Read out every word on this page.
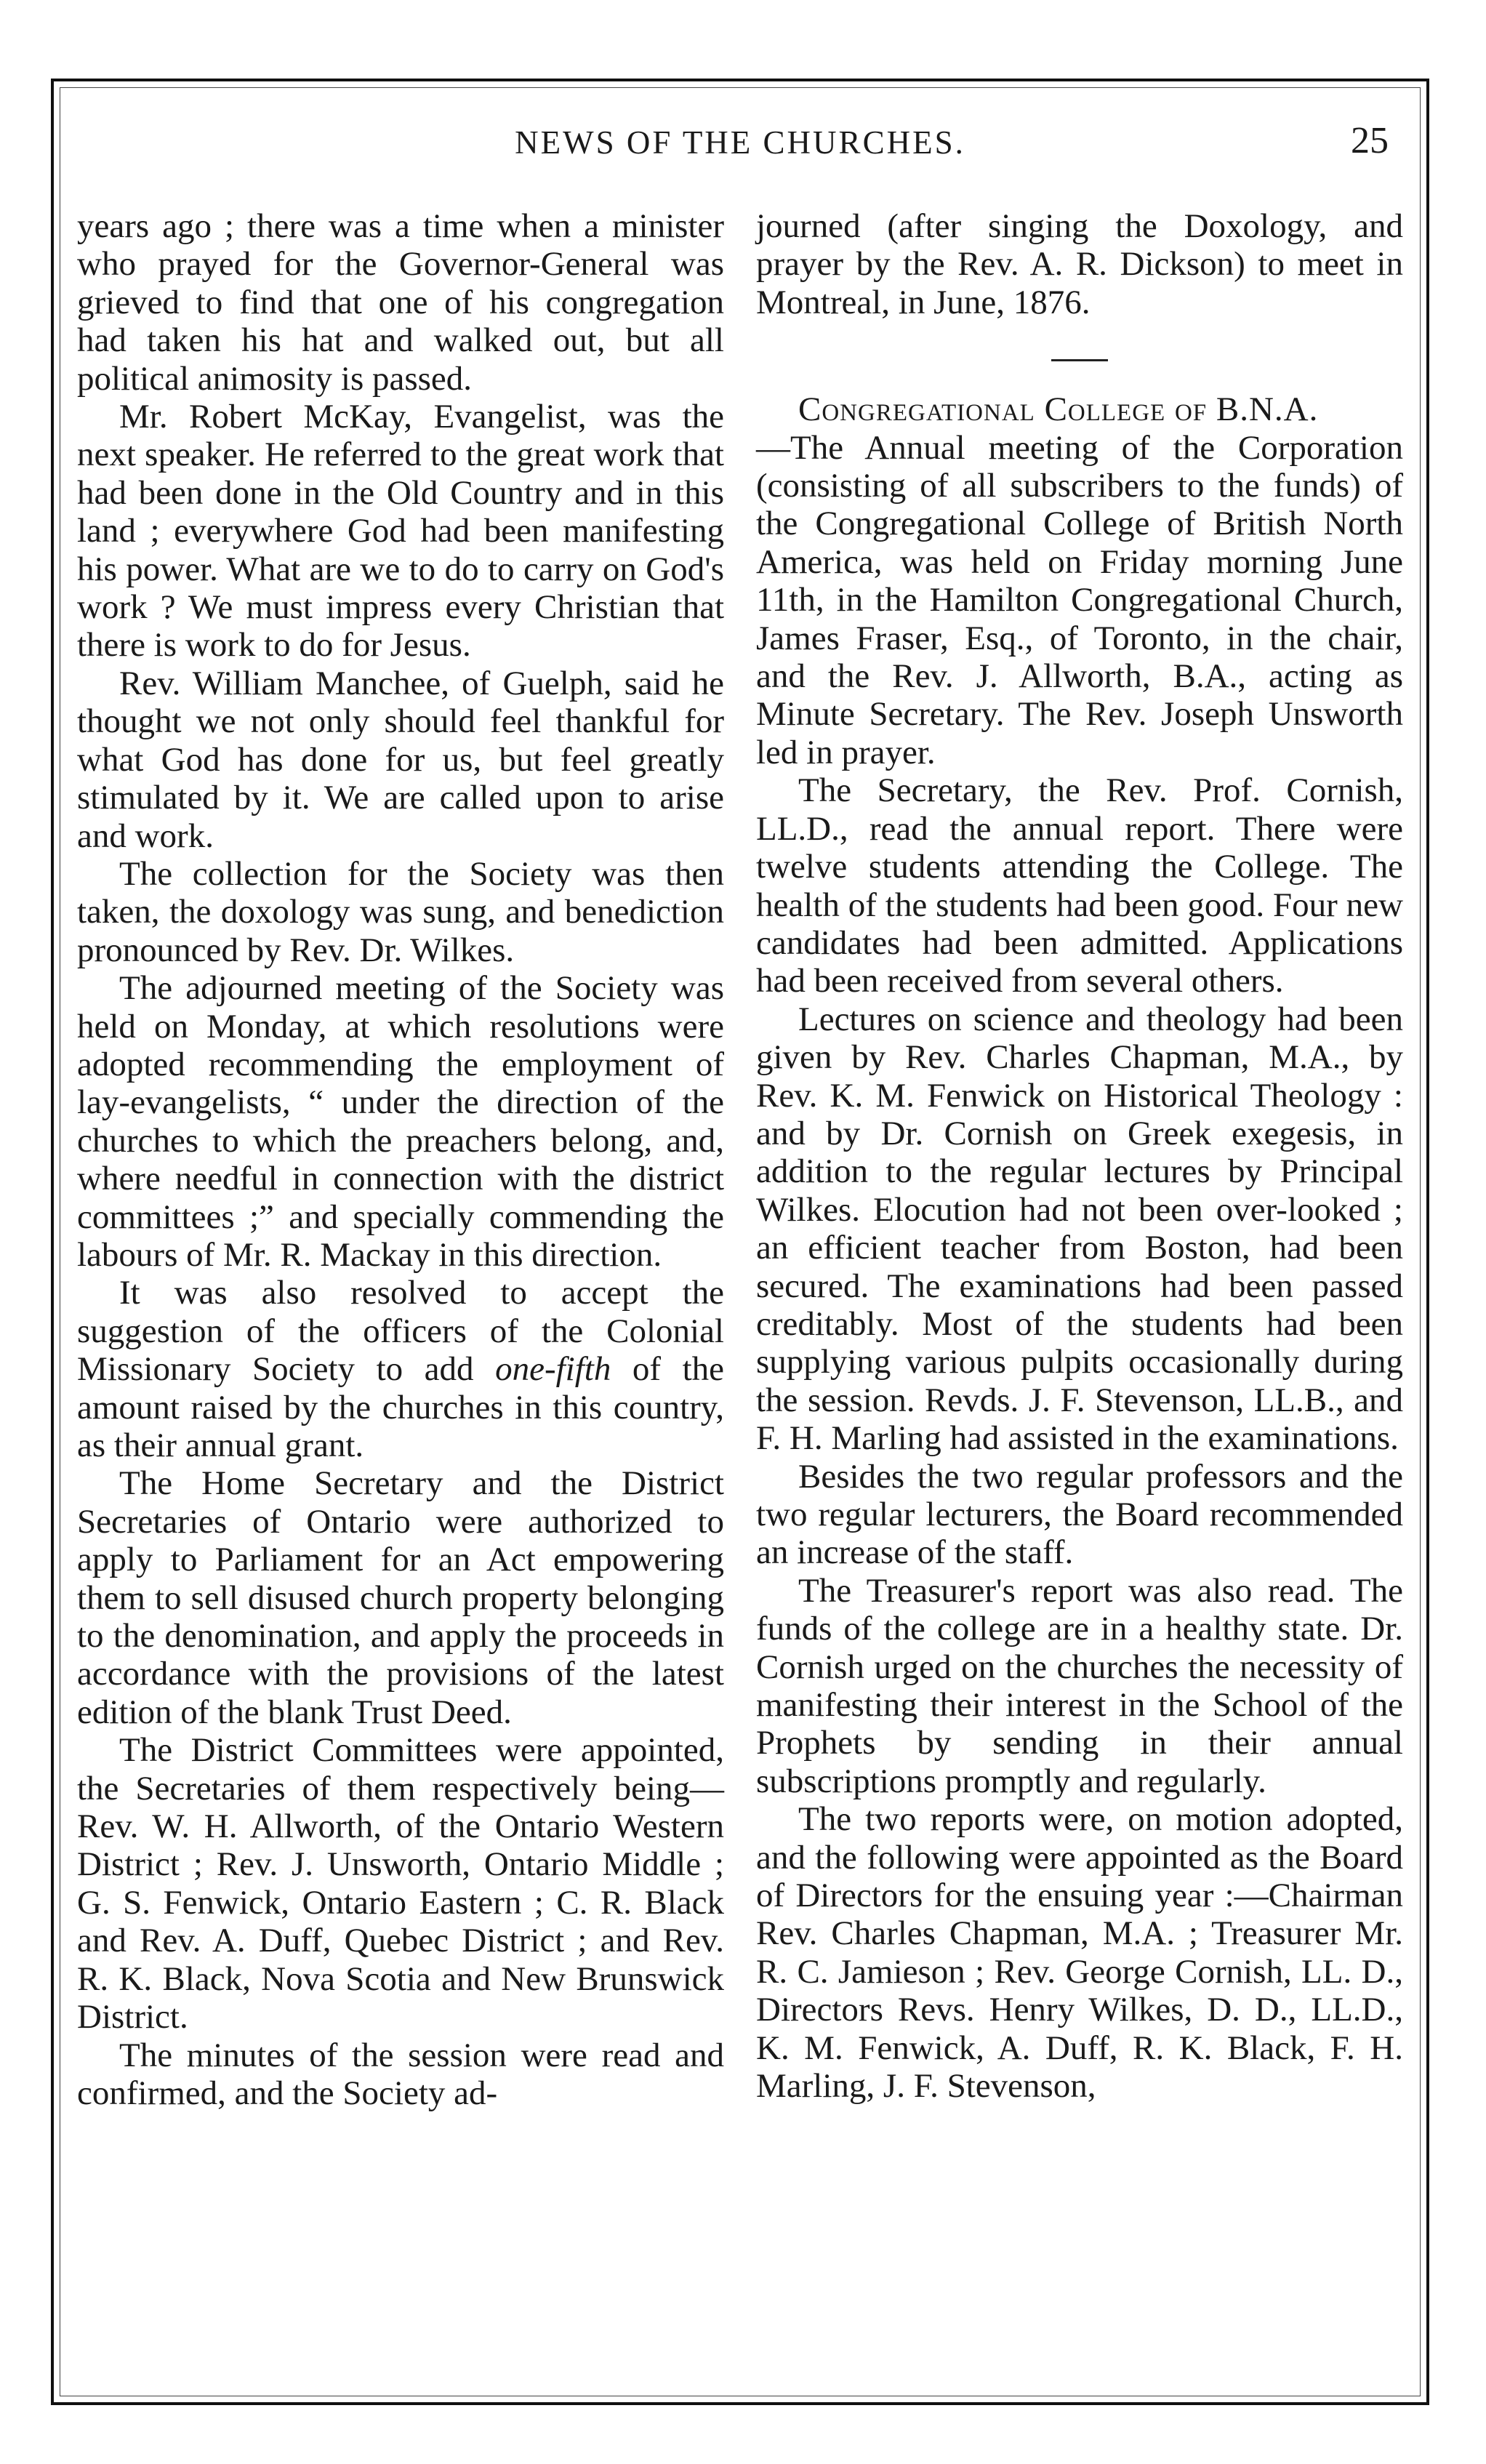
NEWS OF THE CHURCHES.	25

years ago ; there was a time when a minister who prayed for the Governor-General was grieved to find that one of his congregation had taken his hat and walked out, but all political animosity is passed.

Mr. Robert McKay, Evangelist, was the next speaker. He referred to the great work that had been done in the Old Country and in this land ; everywhere God had been manifesting his power. What are we to do to carry on God's work ? We must impress every Christian that there is work to do for Jesus.

Rev. William Manchee, of Guelph, said he thought we not only should feel thankful for what God has done for us, but feel greatly stimulated by it. We are called upon to arise and work.

The collection for the Society was then taken, the doxology was sung, and benediction pronounced by Rev. Dr. Wilkes.

The adjourned meeting of the Society was held on Monday, at which resolutions were adopted recommending the employment of lay-evangelists, “ under the direction of the churches to which the preachers belong, and, where needful in connection with the district committees ;” and specially commending the labours of Mr. R. Mackay in this direction.

It was also resolved to accept the suggestion of the officers of the Colonial Missionary Society to add one-fifth of the amount raised by the churches in this country, as their annual grant.

The Home Secretary and the District Secretaries of Ontario were authorized to apply to Parliament for an Act empowering them to sell disused church property belonging to the denomination, and apply the proceeds in accordance with the provisions of the latest edition of the blank Trust Deed.

The District Committees were appointed, the Secretaries of them respectively being—Rev. W. H. Allworth, of the Ontario Western District ; Rev. J. Unsworth, Ontario Middle ; G. S. Fenwick, Ontario Eastern ; C. R. Black and Rev. A. Duff, Quebec District ; and Rev. R. K. Black, Nova Scotia and New Brunswick District.

The minutes of the session were read and confirmed, and the Society ad-

journed (after singing the Doxology, and prayer by the Rev. A. R. Dickson) to meet in Montreal, in June, 1876.

Congregational College of B.N.A.
—The Annual meeting of the Corporation (consisting of all subscribers to the funds) of the Congregational College of British North America, was held on Friday morning June 11th, in the Hamilton Congregational Church, James Fraser, Esq., of Toronto, in the chair, and the Rev. J. Allworth, B.A., acting as Minute Secretary. The Rev. Joseph Unsworth led in prayer.

The Secretary, the Rev. Prof. Cornish, LL.D., read the annual report. There were twelve students attending the College. The health of the students had been good. Four new candidates had been admitted. Applications had been received from several others.

Lectures on science and theology had been given by Rev. Charles Chapman, M.A., by Rev. K. M. Fenwick on Historical Theology : and by Dr. Cornish on Greek exegesis, in addition to the regular lectures by Principal Wilkes. Elocution had not been over-looked ; an efficient teacher from Boston, had been secured. The examinations had been passed creditably. Most of the students had been supplying various pulpits occasionally during the session. Revds. J. F. Stevenson, LL.B., and F. H. Marling had assisted in the examinations.

Besides the two regular professors and the two regular lecturers, the Board recommended an increase of the staff.

The Treasurer's report was also read. The funds of the college are in a healthy state. Dr. Cornish urged on the churches the necessity of manifesting their interest in the School of the Prophets by sending in their annual subscriptions promptly and regularly.

The two reports were, on motion adopted, and the following were appointed as the Board of Directors for the ensuing year :—Chairman Rev. Charles Chapman, M.A. ; Treasurer Mr. R. C. Jamieson ; Rev. George Cornish, LL. D., Directors Revs. Henry Wilkes, D. D., LL.D., K. M. Fenwick, A. Duff, R. K. Black, F. H. Marling, J. F. Stevenson,
